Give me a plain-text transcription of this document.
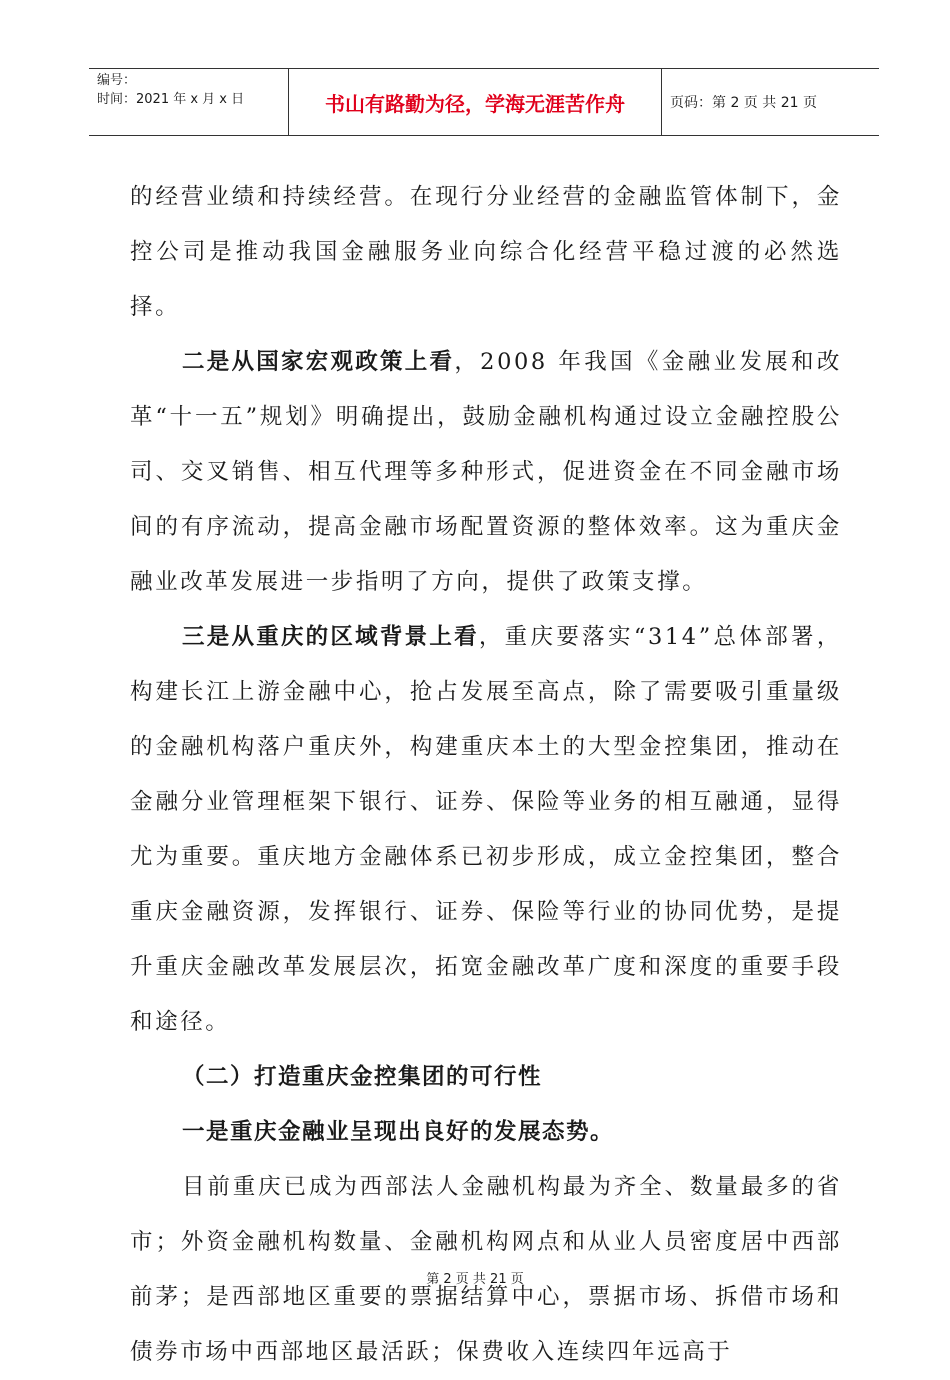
编号：
时间：2021 年 x 月 x 日	书山有路勤为径，学海无涯苦作舟	页码：第 2 页 共 21 页

的经营业绩和持续经营。在现行分业经营的金融监管体制下，金控公司是推动我国金融服务业向综合化经营平稳过渡的必然选择。

二是从国家宏观政策上看，2008 年我国《金融业发展和改革“十一五”规划》明确提出，鼓励金融机构通过设立金融控股公司、交叉销售、相互代理等多种形式，促进资金在不同金融市场间的有序流动，提高金融市场配置资源的整体效率。这为重庆金融业改革发展进一步指明了方向，提供了政策支撑。

三是从重庆的区域背景上看，重庆要落实“314”总体部署，构建长江上游金融中心，抢占发展至高点，除了需要吸引重量级的金融机构落户重庆外，构建重庆本土的大型金控集团，推动在金融分业管理框架下银行、证券、保险等业务的相互融通，显得尤为重要。重庆地方金融体系已初步形成，成立金控集团，整合重庆金融资源，发挥银行、证券、保险等行业的协同优势，是提升重庆金融改革发展层次，拓宽金融改革广度和深度的重要手段和途径。

（二）打造重庆金控集团的可行性

一是重庆金融业呈现出良好的发展态势。

目前重庆已成为西部法人金融机构最为齐全、数量最多的省市；外资金融机构数量、金融机构网点和从业人员密度居中西部前茅；是西部地区重要的票据结算中心，票据市场、拆借市场和债券市场中西部地区最活跃；保费收入连续四年远高于

第 2 页 共 21 页
